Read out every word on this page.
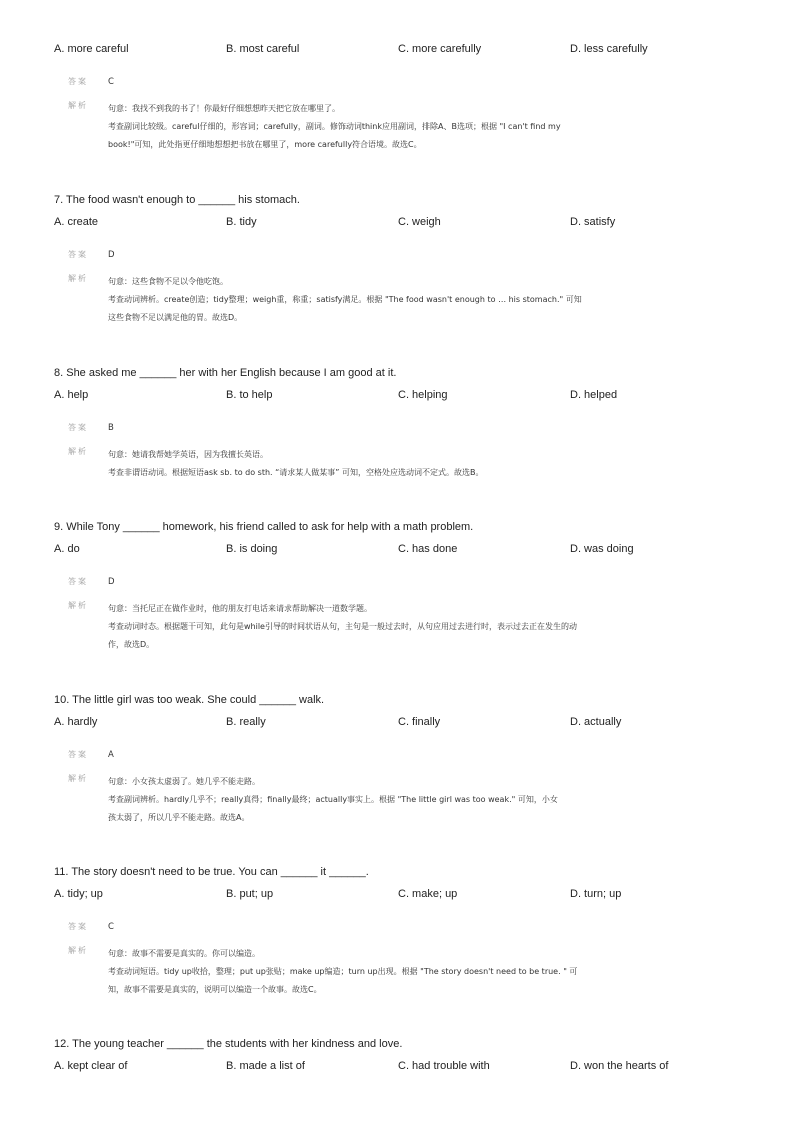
A. more careful	B. most careful	C. more carefully	D. less carefully
答案 C
解析	句意：我找不到我的书了！你最好仔细想想昨天把它放在哪里了。

考查副词比较级。careful仔细的，形容词；carefully，副词。修饰动词think应用副词，排除A、B选项；根据 "I can't find my

book!"可知，此处指更仔细地想想把书放在哪里了，more carefully符合语境。故选C。

7. The food wasn't enough to ______ his stomach.
A. create	B. tidy	C. weigh	D. satisfy
答案 D
解析	句意：这些食物不足以令他吃饱。

考查动词辨析。create创造；tidy整理；weigh重，称重；satisfy满足。根据 "The food wasn't enough to … his stomach." 可知

这些食物不足以满足他的胃。故选D。

8. She asked me ______ her with her English because I am good at it.
A. help	B. to help	C. helping	D. helped
答案 B
解析	句意：她请我帮她学英语，因为我擅长英语。

考查非谓语动词。根据短语ask sb. to do sth. “请求某人做某事” 可知，空格处应选动词不定式。故选B。

9. While Tony ______ homework, his friend called to ask for help with a math problem.
A. do	B. is doing	C. has done	D. was doing
答案 D
解析	句意：当托尼正在做作业时，他的朋友打电话来请求帮助解决一道数学题。

考查动词时态。根据题干可知，此句是while引导的时间状语从句，主句是一般过去时，从句应用过去进行时，表示过去正在发生的动

作，故选D。

10. The little girl was too weak. She could ______ walk.
A. hardly	B. really	C. finally	D. actually
答案 A
解析	句意：小女孩太虚弱了。她几乎不能走路。

考查副词辨析。hardly几乎不；really真得；finally最终；actually事实上。根据 "The little girl was too weak." 可知，小女

孩太弱了，所以几乎不能走路。故选A。

11. The story doesn't need to be true. You can ______ it ______.
A. tidy; up	B. put; up	C. make; up	D. turn; up
答案 C
解析	句意：故事不需要是真实的。你可以编造。

考查动词短语。tidy up收拾，整理；put up张贴；make up编造；turn up出现。根据 "The story doesn't need to be true. " 可

知，故事不需要是真实的，说明可以编造一个故事。故选C。

12. The young teacher ______ the students with her kindness and love.
A. kept clear of	B. made a list of	C. had trouble with	D. won the hearts of
